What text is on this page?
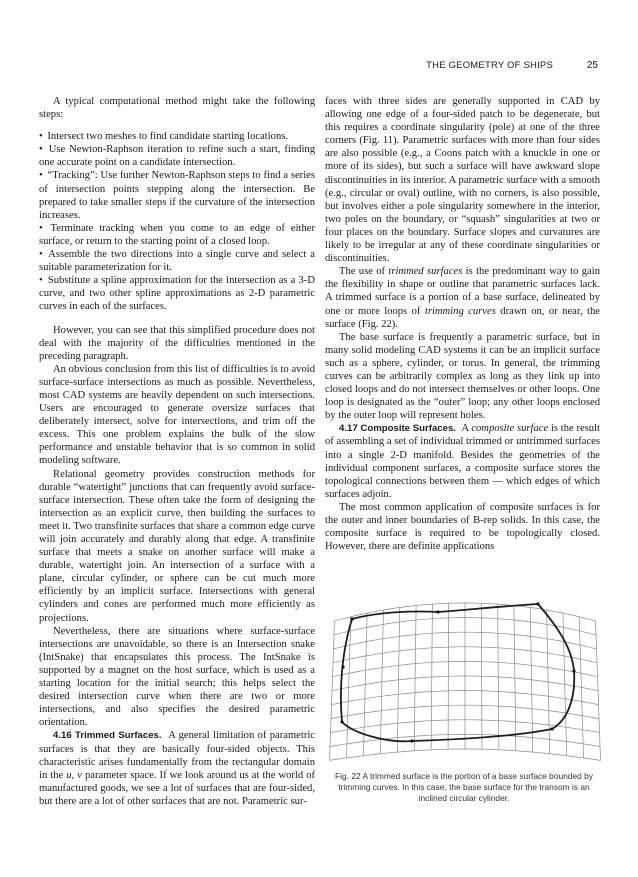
THE GEOMETRY OF SHIPS	25

A typical computational method might take the following steps:

• Intersect two meshes to find candidate starting locations.
• Use Newton-Raphson iteration to refine such a start, finding one accurate point on a candidate intersection.
• “Tracking”: Use further Newton-Raphson steps to find a series of intersection points stepping along the intersection. Be prepared to take smaller steps if the curvature of the intersection increases.
• Terminate tracking when you come to an edge of either surface, or return to the starting point of a closed loop.
• Assemble the two directions into a single curve and select a suitable parameterization for it.
• Substitute a spline approximation for the intersection as a 3-D curve, and two other spline approximations as 2-D parametric curves in each of the surfaces.

However, you can see that this simplified procedure does not deal with the majority of the difficulties mentioned in the preceding paragraph.

An obvious conclusion from this list of difficulties is to avoid surface-surface intersections as much as possible. Nevertheless, most CAD systems are heavily dependent on such intersections. Users are encouraged to generate oversize surfaces that deliberately intersect, solve for intersections, and trim off the excess. This one problem explains the bulk of the slow performance and unstable behavior that is so common in solid modeling software.

Relational geometry provides construction methods for durable “watertight” junctions that can frequently avoid surface-surface intersection. These often take the form of designing the intersection as an explicit curve, then building the surfaces to meet it. Two transfinite surfaces that share a common edge curve will join accurately and durably along that edge. A transfinite surface that meets a snake on another surface will make a durable, watertight join. An intersection of a surface with a plane, circular cylinder, or sphere can be cut much more efficiently by an implicit surface. Intersections with general cylinders and cones are performed much more efficiently as projections.

Nevertheless, there are situations where surface-surface intersections are unavoidable, so there is an Intersection snake (IntSnake) that encapsulates this process. The IntSnake is supported by a magnet on the host surface, which is used as a starting location for the initial search; this helps select the desired intersection curve when there are two or more intersections, and also specifies the desired parametric orientation.

4.16 Trimmed Surfaces. A general limitation of parametric surfaces is that they are basically four-sided objects. This characteristic arises fundamentally from the rectangular domain in the u, v parameter space. If we look around us at the world of manufactured goods, we see a lot of surfaces that are four-sided, but there are a lot of other surfaces that are not. Parametric sur-

faces with three sides are generally supported in CAD by allowing one edge of a four-sided patch to be degenerate, but this requires a coordinate singularity (pole) at one of the three corners (Fig. 11). Parametric surfaces with more than four sides are also possible (e.g., a Coons patch with a knuckle in one or more of its sides), but such a surface will have awkward slope discontinuities in its interior. A parametric surface with a smooth (e.g., circular or oval) outline, with no corners, is also possible, but involves either a pole singularity somewhere in the interior, two poles on the boundary, or “squash” singularities at two or four places on the boundary. Surface slopes and curvatures are likely to be irregular at any of these coordinate singularities or discontinuities.

The use of trimmed surfaces is the predominant way to gain the flexibility in shape or outline that parametric surfaces lack. A trimmed surface is a portion of a base surface, delineated by one or more loops of trimming curves drawn on, or near, the surface (Fig. 22).

The base surface is frequently a parametric surface, but in many solid modeling CAD systems it can be an implicit surface such as a sphere, cylinder, or torus. In general, the trimming curves can be arbitrarily complex as long as they link up into closed loops and do not intersect themselves or other loops. One loop is designated as the “outer” loop; any other loops enclosed by the outer loop will represent holes.

4.17 Composite Surfaces. A composite surface is the result of assembling a set of individual trimmed or untrimmed surfaces into a single 2-D manifold. Besides the geometries of the individual component surfaces, a composite surface stores the topological connections between them — which edges of which surfaces adjoin.

The most common application of composite surfaces is for the outer and inner boundaries of B-rep solids. In this case, the composite surface is required to be topologically closed. However, there are definite applications

Fig. 22 A trimmed surface is the portion of a base surface bounded by trimming curves. In this case, the base surface for the transom is an inclined circular cylinder.
